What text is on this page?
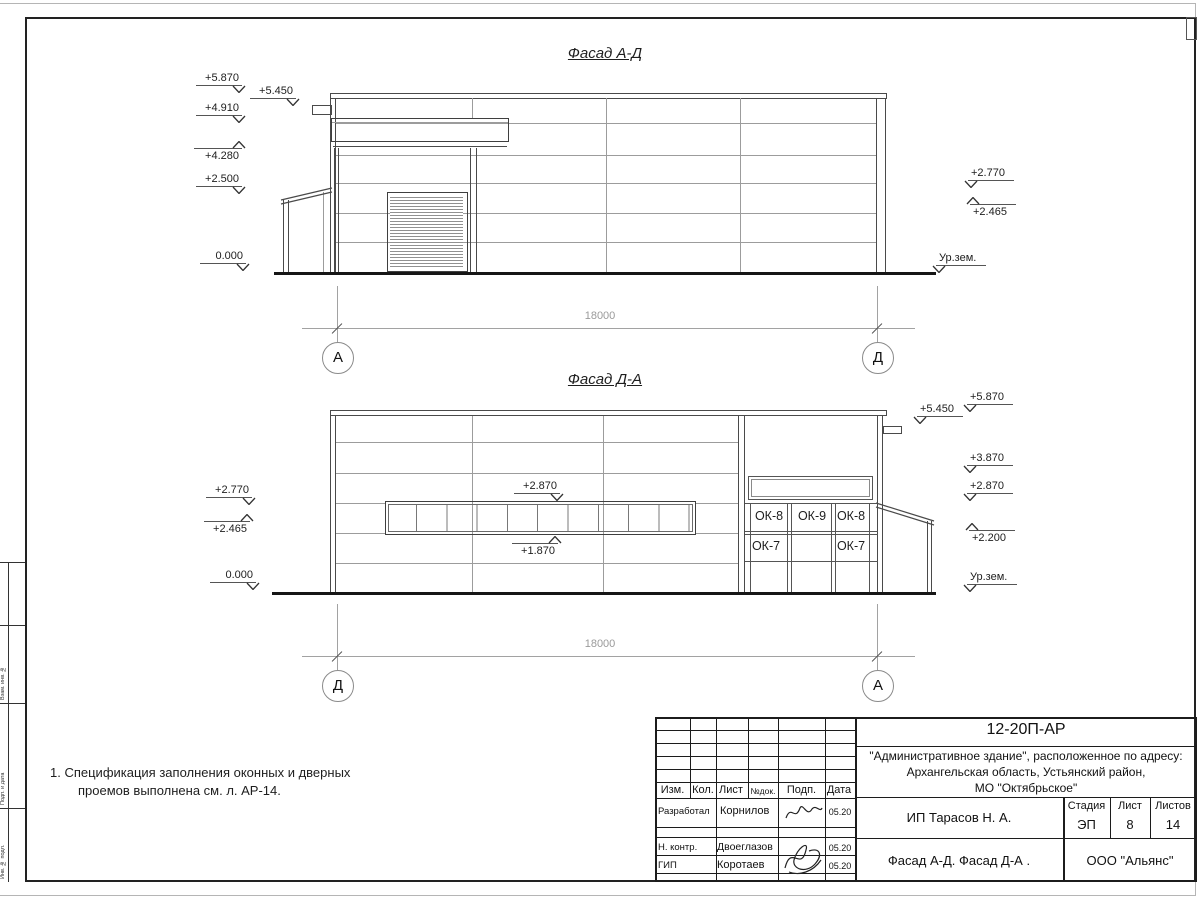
Взам. инв. №
Подп. и дата
Инв. № подл.
Фасад А-Д
18000
А	Д
+5.870
+5.450
+4.910
+4.280
+2.500
0.000
+2.770
+2.465
Ур.зем.
Фасад Д-А
ОК-8	ОК-9 ОК-8
ОК-7	ОК-7
18000
Д	А
+2.770
+2.465
0.000
+2.870
+1.870
+5.870
+5.450
+3.870
+2.870
+2.200
Ур.зем.
1. Спецификация заполнения оконных и дверных
проемов выполнена см. л. АР-14.
12-20П-АР
"Административное здание", расположенное по адресу:
Архангельская область, Устьянский район,
МО "Октябрьское"
Изм. Кол. Лист №док.	Подп. Дата
Разработал Корнилов	05.20
Н. контр. Двоеглазов	05.20
ГИП	Коротаев	05.20
ИП Тарасов Н. А.
Фасад А-Д. Фасад Д-А .
Стадия	Лист	Листов
ЭП	8	14
ООО "Альянс"
